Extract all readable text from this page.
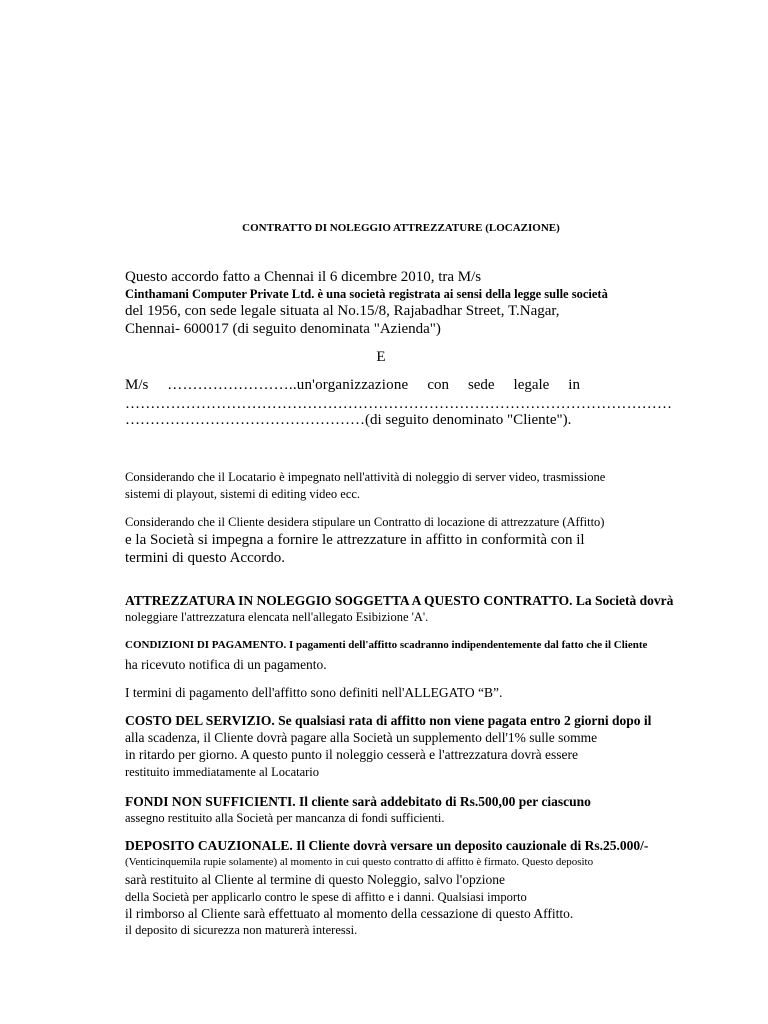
CONTRATTO DI NOLEGGIO ATTREZZATURE (LOCAZIONE)
Questo accordo fatto a Chennai il 6 dicembre 2010, tra M/s
Cinthamani Computer Private Ltd. è una società registrata ai sensi della legge sulle società
del 1956, con sede legale situata al No.15/8, Rajabadhar Street, T.Nagar,
Chennai- 600017 (di seguito denominata "Azienda")
E
M/s ……………………..un'organizzazione con sede legale in
………………………………………………………………………………………………
…………………………………………(di seguito denominato "Cliente").
Considerando che il Locatario è impegnato nell'attività di noleggio di server video, trasmissione
sistemi di playout, sistemi di editing video ecc.
Considerando che il Cliente desidera stipulare un Contratto di locazione di attrezzature (Affitto)
e la Società si impegna a fornire le attrezzature in affitto in conformità con il
termini di questo Accordo.
ATTREZZATURA IN NOLEGGIO SOGGETTA A QUESTO CONTRATTO. La Società dovrà
noleggiare l'attrezzatura elencata nell'allegato Esibizione 'A'.
CONDIZIONI DI PAGAMENTO. I pagamenti dell'affitto scadranno indipendentemente dal fatto che il Cliente
ha ricevuto notifica di un pagamento.
I termini di pagamento dell'affitto sono definiti nell'ALLEGATO “B”.
COSTO DEL SERVIZIO. Se qualsiasi rata di affitto non viene pagata entro 2 giorni dopo il
alla scadenza, il Cliente dovrà pagare alla Società un supplemento dell'1% sulle somme
in ritardo per giorno. A questo punto il noleggio cesserà e l'attrezzatura dovrà essere
restituito immediatamente al Locatario
FONDI NON SUFFICIENTI. Il cliente sarà addebitato di Rs.500,00 per ciascuno
assegno restituito alla Società per mancanza di fondi sufficienti.
DEPOSITO CAUZIONALE. Il Cliente dovrà versare un deposito cauzionale di Rs.25.000/-
(Venticinquemila rupie solamente) al momento in cui questo contratto di affitto è firmato. Questo deposito
sarà restituito al Cliente al termine di questo Noleggio, salvo l'opzione
della Società per applicarlo contro le spese di affitto e i danni. Qualsiasi importo
il rimborso al Cliente sarà effettuato al momento della cessazione di questo Affitto.
il deposito di sicurezza non maturerà interessi.
